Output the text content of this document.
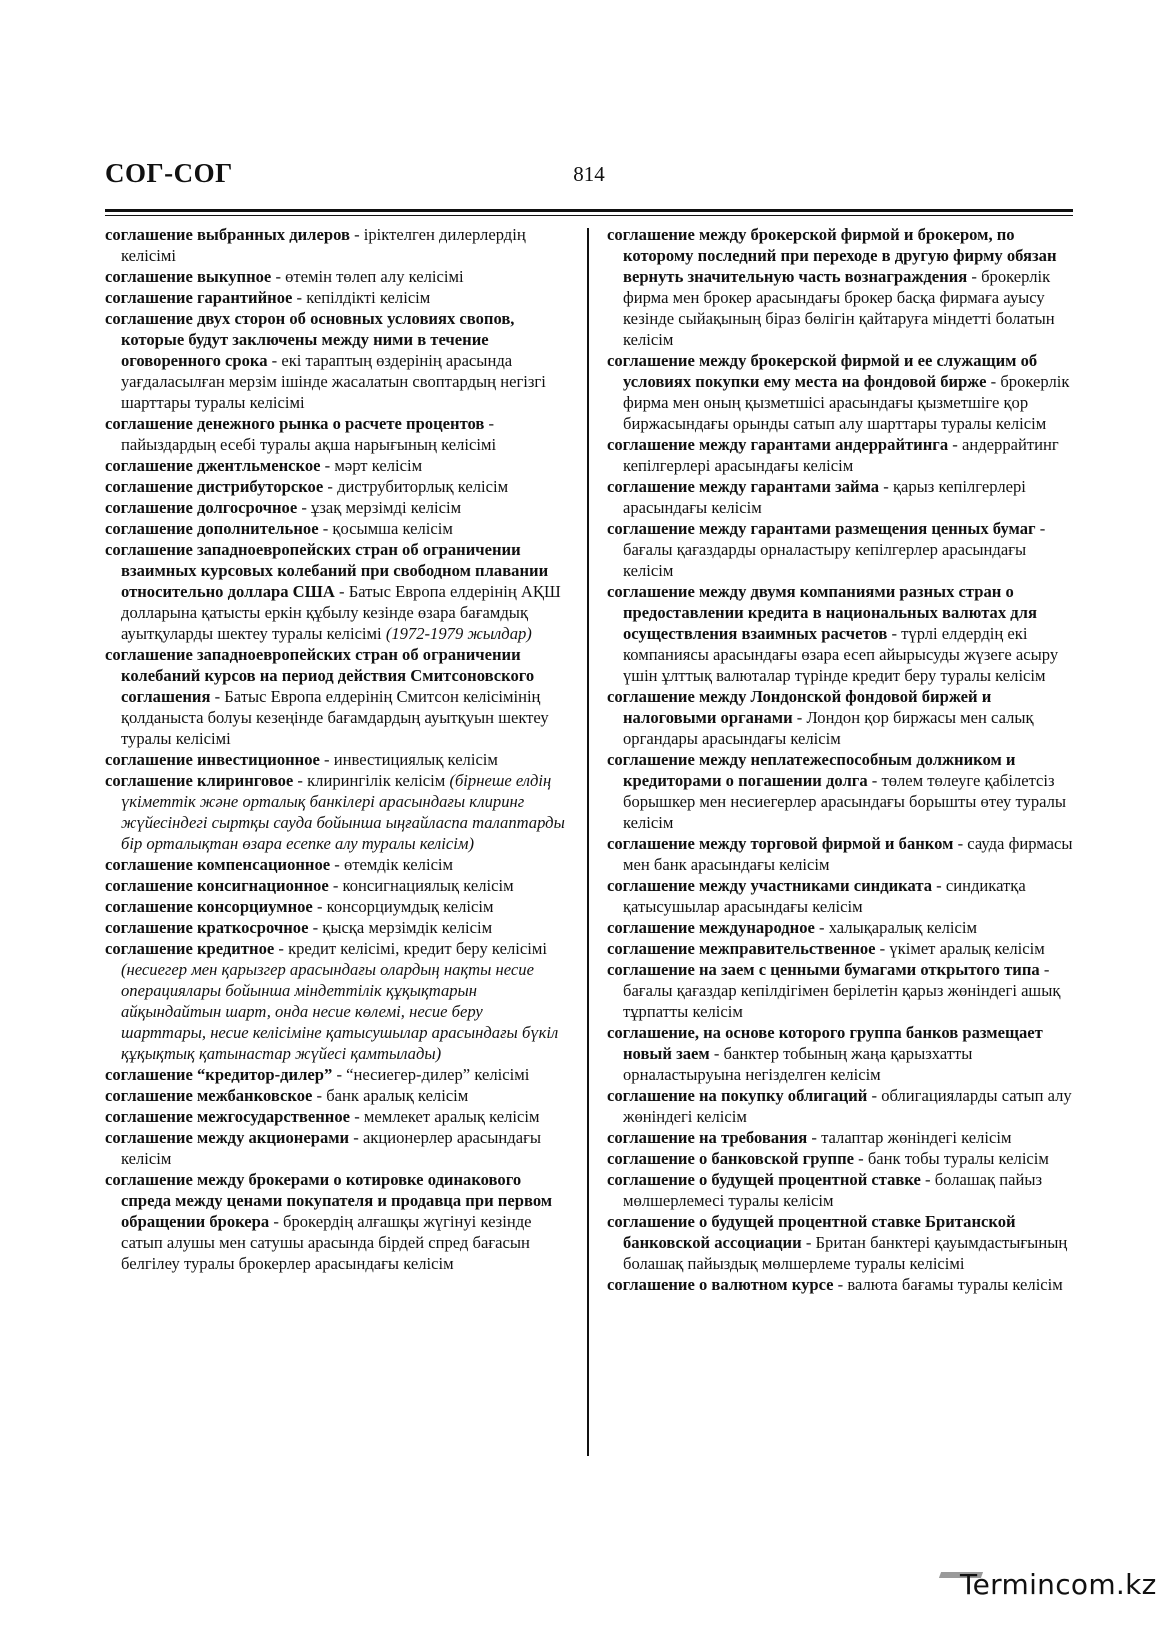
СОГ-СОГ	814

соглашение выбранных дилеров - іріктелген дилерлердің келісімі

соглашение выкупное - өтемін төлеп алу келісімі

соглашение гарантийное - кепілдікті келісім

соглашение двух сторон об основных условиях свопов, которые будут заключены между ними в течение оговоренного срока - екі тараптың өздерінің арасында уағдаласылған мерзім ішінде жасалатын своптардың негізгі шарттары туралы келісімі

соглашение денежного рынка о расчете процентов - пайыздардың есебі туралы ақша нарығының келісімі

соглашение джентльменское - мәрт келісім

соглашение дистрибуторское - диструбиторлық келісім

соглашение долгосрочное - ұзақ мерзімді келісім

соглашение дополнительное - қосымша келісім

соглашение западноевропейских стран об ограничении взаимных курсовых колебаний при свободном плавании относительно доллара США - Батыс Европа елдерінің АҚШ долларына қатысты еркін құбылу кезінде өзара бағамдық ауытқуларды шектеу туралы келісімі (1972-1979 жылдар)

соглашение западноевропейских стран об ограничении колебаний курсов на период действия Смитсоновского соглашения - Батыс Европа елдерінің Смитсон келісімінің қолданыста болуы кезеңінде бағамдардың ауытқуын шектеу туралы келісімі

соглашение инвестиционное - инвестициялық келісім

соглашение клиринговое - клирингілік келісім (бірнеше елдің үкіметтік және орталық банкілері арасындағы клиринг жүйесіндегі сыртқы сауда бойынша ыңғайласпа талаптарды бір орталықтан өзара есепке алу туралы келісім)

соглашение компенсационное - өтемдік келісім

соглашение консигнационное - консигнациялық келісім

соглашение консорциумное - консорциумдық келісім

соглашение краткосрочное - қысқа мерзімдік келісім

соглашение кредитное - кредит келісімі, кредит беру келісімі (несиегер мен қарызгер арасындағы олардың нақты несие операциялары бойынша міндеттілік құқықтарын айқындайтын шарт, онда несие көлемі, несие беру шарттары, несие келісіміне қатысушылар арасындағы бүкіл құқықтық қатынастар жүйесі қамтылады)

соглашение “кредитор-дилер” - “несиегер-дилер” келісімі

соглашение межбанковское - банк аралық келісім

соглашение межгосударственное - мемлекет аралық келісім

соглашение между акционерами - акционерлер арасындағы келісім

соглашение между брокерами о котировке одинакового спреда между ценами покупателя и продавца при первом обращении брокера - брокердің алғашқы жүгінуі кезінде сатып алушы мен сатушы арасында бірдей спред бағасын белгілеу туралы брокерлер арасындағы келісім

соглашение между брокерской фирмой и брокером, по которому последний при переходе в другую фирму обязан вернуть значительную часть вознаграждения - брокерлік фирма мен брокер арасындағы брокер басқа фирмаға ауысу кезінде сыйақының біраз бөлігін қайтаруға міндетті болатын келісім

соглашение между брокерской фирмой и ее служащим об условиях покупки ему места на фондовой бирже - брокерлік фирма мен оның қызметшісі арасындағы қызметшіге қор биржасындағы орынды сатып алу шарттары туралы келісім

соглашение между гарантами андеррайтинга - андеррайтинг кепілгерлері арасындағы келісім

соглашение между гарантами займа - қарыз кепілгерлері арасындағы келісім

соглашение между гарантами размещения ценных бумаг - бағалы қағаздарды орналастыру кепілгерлер арасындағы келісім

соглашение между двумя компаниями разных стран о предоставлении кредита в национальных валютах для осуществления взаимных расчетов - түрлі елдердің екі компаниясы арасындағы өзара есеп айырысуды жүзеге асыру үшін ұлттық валюталар түрінде кредит беру туралы келісім

соглашение между Лондонской фондовой биржей и налоговыми органами - Лондон қор биржасы мен салық органдары арасындағы келісім

соглашение между неплатежеспособным должником и кредиторами о погашении долга - төлем төлеуге қабілетсіз борышкер мен несиегерлер арасындағы борышты өтеу туралы келісім

соглашение между торговой фирмой и банком - сауда фирмасы мен банк арасындағы келісім

соглашение между участниками синдиката - синдикатқа қатысушылар арасындағы келісім

соглашение международное - халықаралық келісім

соглашение межправительственное - үкімет аралық келісім

соглашение на заем с ценными бумагами открытого типа - бағалы қағаздар кепілдігімен берілетін қарыз жөніндегі ашық тұрпатты келісім

соглашение, на основе которого группа банков размещает новый заем - банктер тобының жаңа қарызхатты орналастыруына негізделген келісім

соглашение на покупку облигаций - облигацияларды сатып алу жөніндегі келісім

соглашение на требования - талаптар жөніндегі келісім

соглашение о банковской группе - банк тобы туралы келісім

соглашение о будущей процентной ставке - болашақ пайыз мөлшерлемесі туралы келісім

соглашение о будущей процентной ставке Британской банковской ассоциации - Британ банктері қауымдастығының болашақ пайыздық мөлшерлеме туралы келісімі

соглашение о валютном курсе - валюта бағамы туралы келісім

Termincom.kz
